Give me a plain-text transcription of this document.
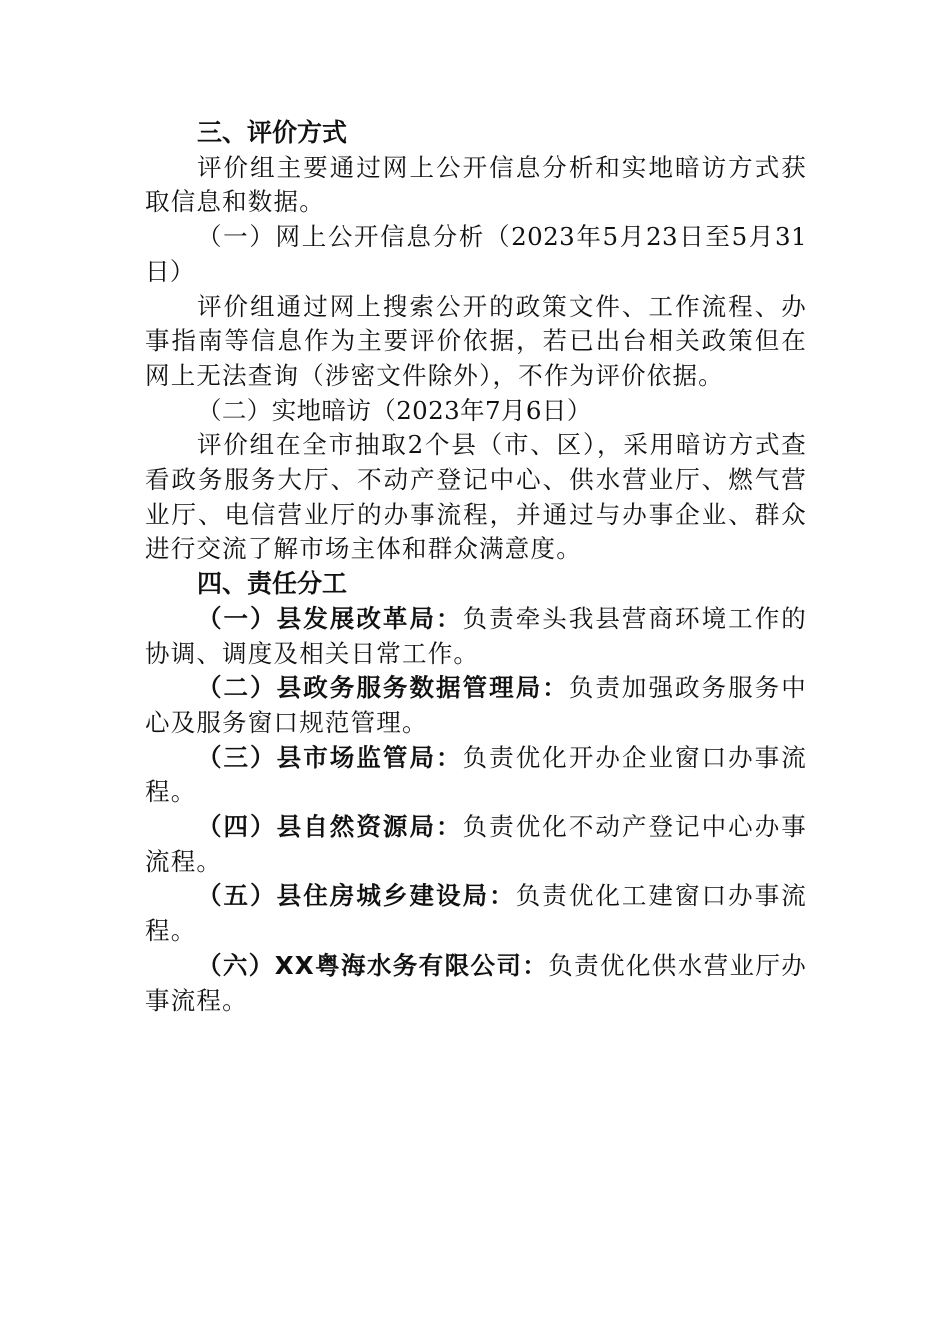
三、评价方式

评价组主要通过网上公开信息分析和实地暗访方式获取信息和数据。

（一）网上公开信息分析（2023年5月23日至5月31日）

评价组通过网上搜索公开的政策文件、工作流程、办事指南等信息作为主要评价依据，若已出台相关政策但在网上无法查询（涉密文件除外），不作为评价依据。

（二）实地暗访（2023年7月6日）

评价组在全市抽取2个县（市、区），采用暗访方式查看政务服务大厅、不动产登记中心、供水营业厅、燃气营业厅、电信营业厅的办事流程，并通过与办事企业、群众进行交流了解市场主体和群众满意度。

四、责任分工

（一）县发展改革局：负责牵头我县营商环境工作的协调、调度及相关日常工作。

（二）县政务服务数据管理局：负责加强政务服务中心及服务窗口规范管理。

（三）县市场监管局：负责优化开办企业窗口办事流程。

（四）县自然资源局：负责优化不动产登记中心办事流程。

（五）县住房城乡建设局：负责优化工建窗口办事流程。

（六）XX粤海水务有限公司：负责优化供水营业厅办事流程。
